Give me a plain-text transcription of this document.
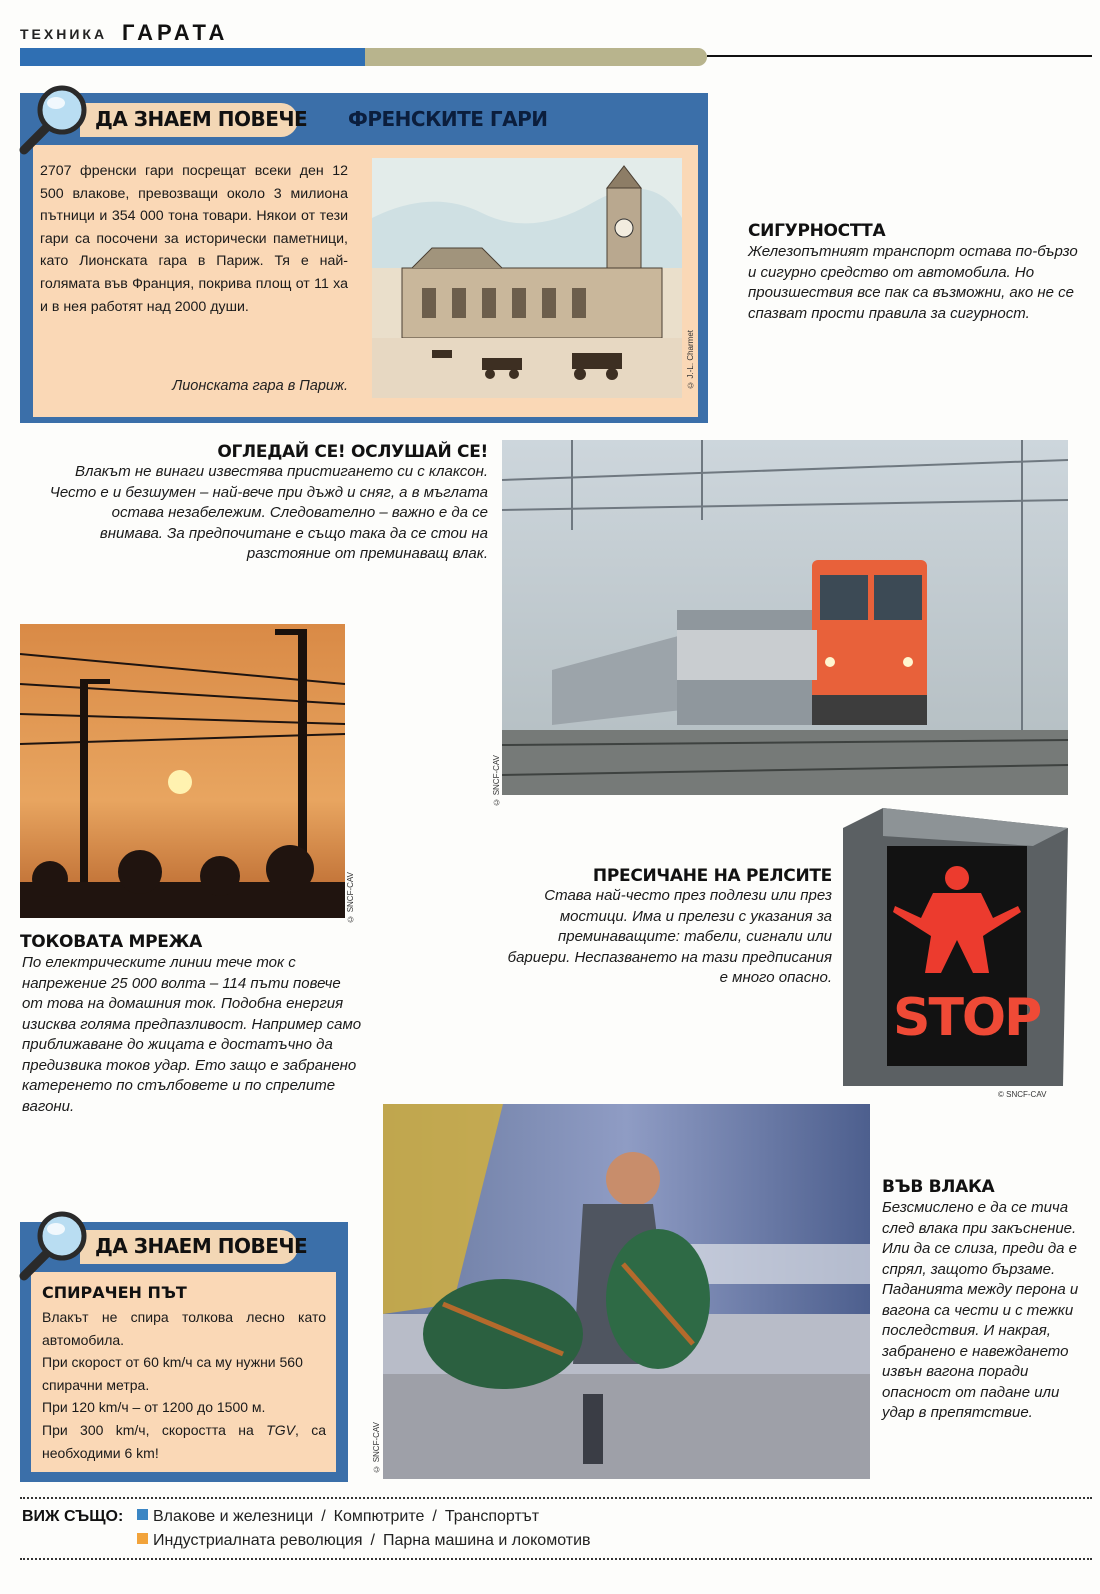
ТЕХНИКА ГАРАТА
ДА ЗНАЕМ ПОВЕЧЕ ФРЕНСКИТЕ ГАРИ
2707 френски гари посрещат всеки ден 12 500 влакове, превозващи около 3 милиона пътници и 354 000 тона товари. Някои от тези гари са посочени за исторически паметници, като Лионската гара в Париж. Тя е най-голямата във Франция, покрива площ от 11 ха и в нея работят над 2000 души.
Лионската гара в Париж.	© J.-L. Charmet
СИГУРНОСТТА
Железопътният транспорт остава по-бързо и сигурно средство от автомобила. Но произшествия все пак са възможни, ако не се спазват прости правила за сигурност.
ОГЛЕДАЙ СЕ! ОСЛУШАЙ СЕ!
Влакът не винаги известява пристигането си с клаксон. Често е и безшумен – най-вече при дъжд и сняг, а в мъглата остава незабележим. Следователно – важно е да се внимава. За предпочитане е също така да се стои на разстояние от преминаващ влак.
© SNCF-CAV
© SNCF-CAV
ТОКОВАТА МРЕЖА
По електрическите линии тече ток с напрежение 25 000 волта – 114 пъти повече от това на домашния ток. Подобна енергия изисква голяма предпазливост. Например само приближаване до жицата е достатъчно да предизвика токов удар. Ето защо е забранено катеренето по стълбовете и по спрелите вагони.
ПРЕСИЧАНЕ НА РЕЛСИТЕ
Става най-често през подлези или през мостици. Има и прелези с указания за преминаващите: табели, сигнали или бариери. Неспазването на тази предписания е много опасно.
STOP
© SNCF-CAV
© SNCF-CAV
ВЪВ ВЛАКА
Безсмислено е да се тича след влака при закъснение. Или да се слиза, преди да е спрял, защото бързаме. Паданията между перона и вагона са чести и с тежки последствия. И накрая, забранено е навеждането извън вагона поради опасност от падане или удар в препятствие.
ДА ЗНАЕМ ПОВЕЧЕ
СПИРАЧЕН ПЪТ

Влакът не спира толкова лесно като автомобила.

При скорост от 60 km/ч са му нужни 560 спирачни метра.

При 120 km/ч – от 1200 до 1500 м.

При 300 km/ч, скоростта на TGV, са необходими 6 km!

ВИЖ СЪЩО:	Влакове и железници / Компютрите / Транспортът
Индустриалната революция / Парна машина и локомотив
